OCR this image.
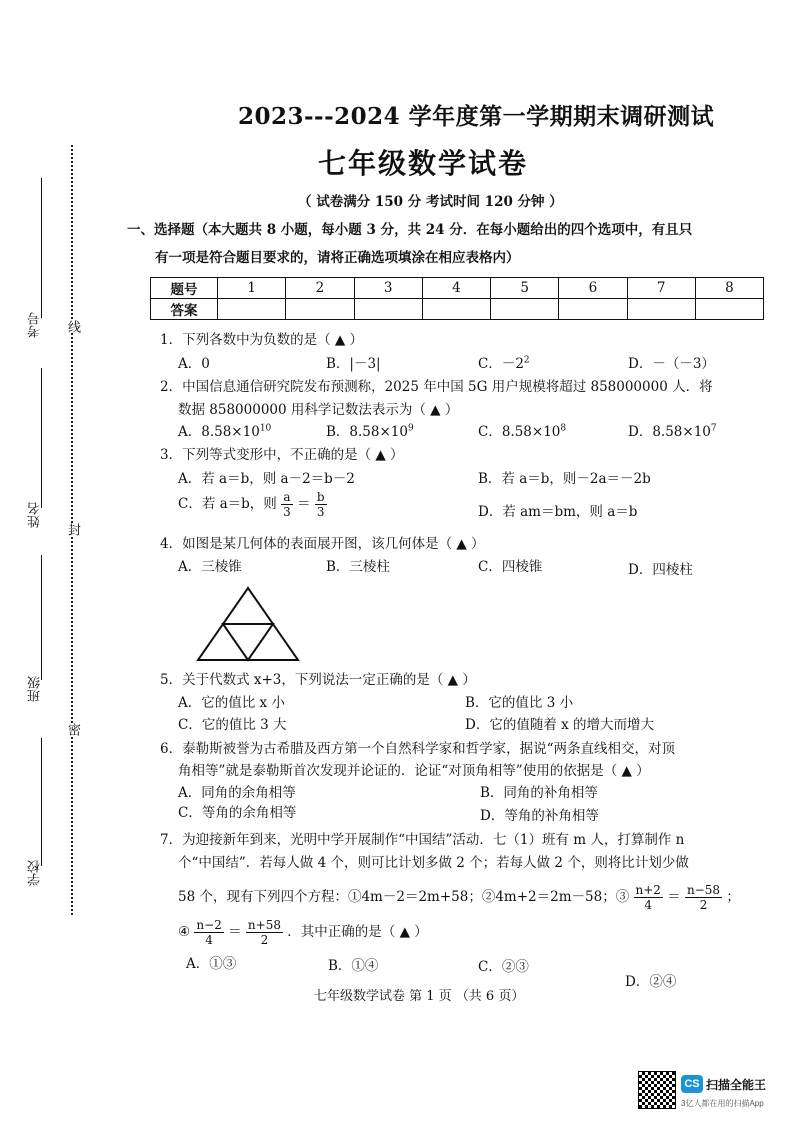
2023---2024 学年度第一学期期末调研测试
七年级数学试卷
（ 试卷满分 150 分 考试时间 120 分钟 ）
考号
姓名
班级
学校
线
封
密
一、选择题（本大题共 8 小题，每小题 3 分，共 24 分．在每小题给出的四个选项中，有且只
有一项是符合题目要求的，请将正确选项填涂在相应表格内）
题号	1	2	3	4	5	6	7	8
答案								
1．下列各数中为负数的是（ ▲ ）
A．0	B．|－3|	C．$-2^2$	D．－（－3）
2．中国信息通信研究院发布预测称，2025 年中国 5G 用户规模将超过 858000000 人．将
数据 858000000 用科学记数法表示为（ ▲ ）
A．$8.58\times 10^{10}$	B．$8.58\times 10^9$	C．$8.58\times 10^8$	D．$8.58\times 10^7$
3．下列等式变形中，不正确的是（ ▲ ）
A．若 a＝b，则 a－2＝b－2	B．若 a＝b，则－2a＝－2b
C．若 a＝b，则 $\frac{a}{3} = \frac{b}{3}$	D．若 am＝bm，则 a＝b
4．如图是某几何体的表面展开图，该几何体是（ ▲ ）
A．三棱锥	B．三棱柱	C．四棱锥	D．四棱柱
5．关于代数式 x+3，下列说法一定正确的是（ ▲ ）
A．它的值比 x 小	B．它的值比 3 小
C．它的值比 3 大	D．它的值随着 x 的增大而增大
6．泰勒斯被誉为古希腊及西方第一个自然科学家和哲学家，据说“两条直线相交，对顶
角相等”就是泰勒斯首次发现并论证的．论证“对顶角相等”使用的依据是（ ▲ ）
A．同角的余角相等	B．同角的补角相等
C．等角的余角相等	D．等角的补角相等
7．为迎接新年到来，光明中学开展制作“中国结”活动．七（1）班有 m 人，打算制作 n
个“中国结”．若每人做 4 个，则可比计划多做 2 个；若每人做 2 个，则将比计划少做
58 个，现有下列四个方程：①4m－2＝2m+58；②4m+2＝2m－58；③ $\frac{n+2}{4} = \frac{n-58}{2}$ ；
④ $\frac{n-2}{4} = \frac{n+58}{2}$ ．其中正确的是（ ▲ ）
A．①③	B．①④	C．②③
D．②④
七年级数学试卷 第 1 页 （共 6 页）
CS 扫描全能王
3亿人都在用的扫描App
